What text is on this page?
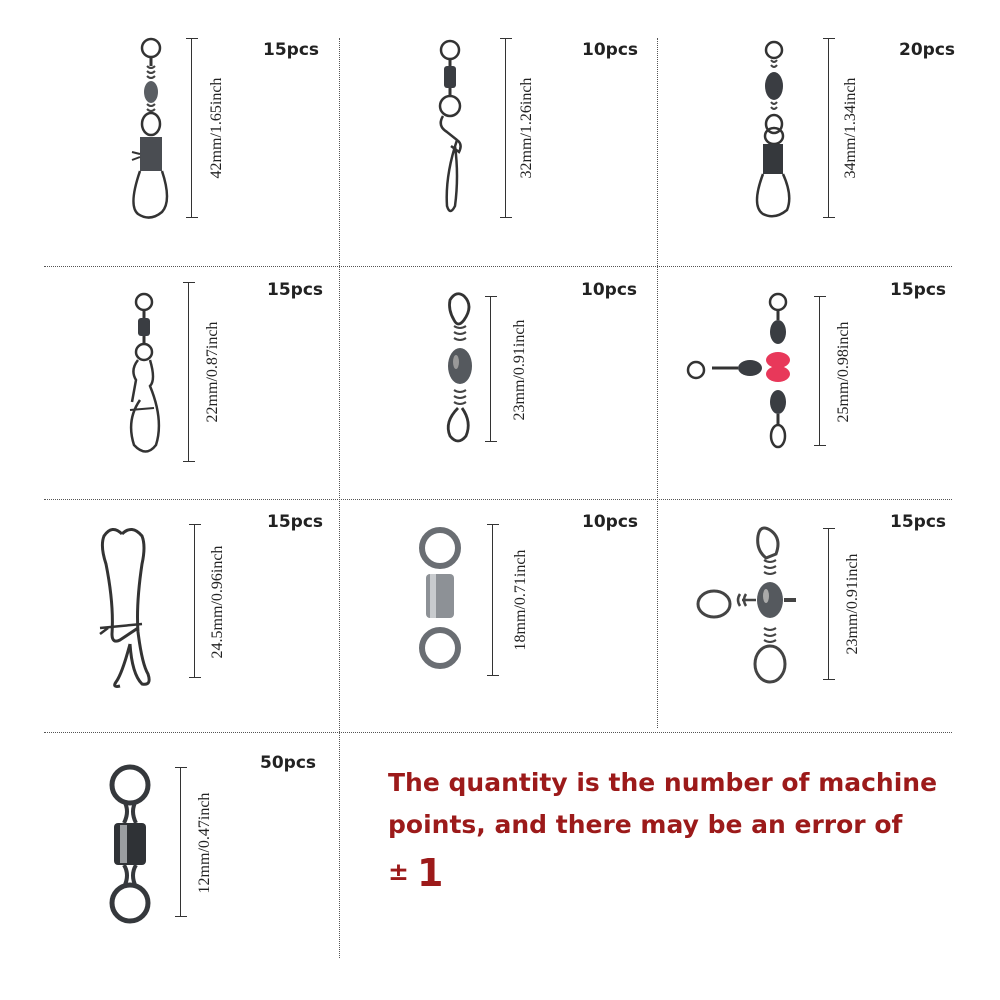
42mm/1.65inch
15pcs
32mm/1.26inch
10pcs
34mm/1.34inch
20pcs
22mm/0.87inch
15pcs
23mm/0.91inch
10pcs
25mm/0.98inch
15pcs
24.5mm/0.96inch
15pcs
18mm/0.71inch
10pcs
23mm/0.91inch
15pcs
12mm/0.47inch
50pcs
The quantity is the number of machine points, and there may be an error of ± 1
